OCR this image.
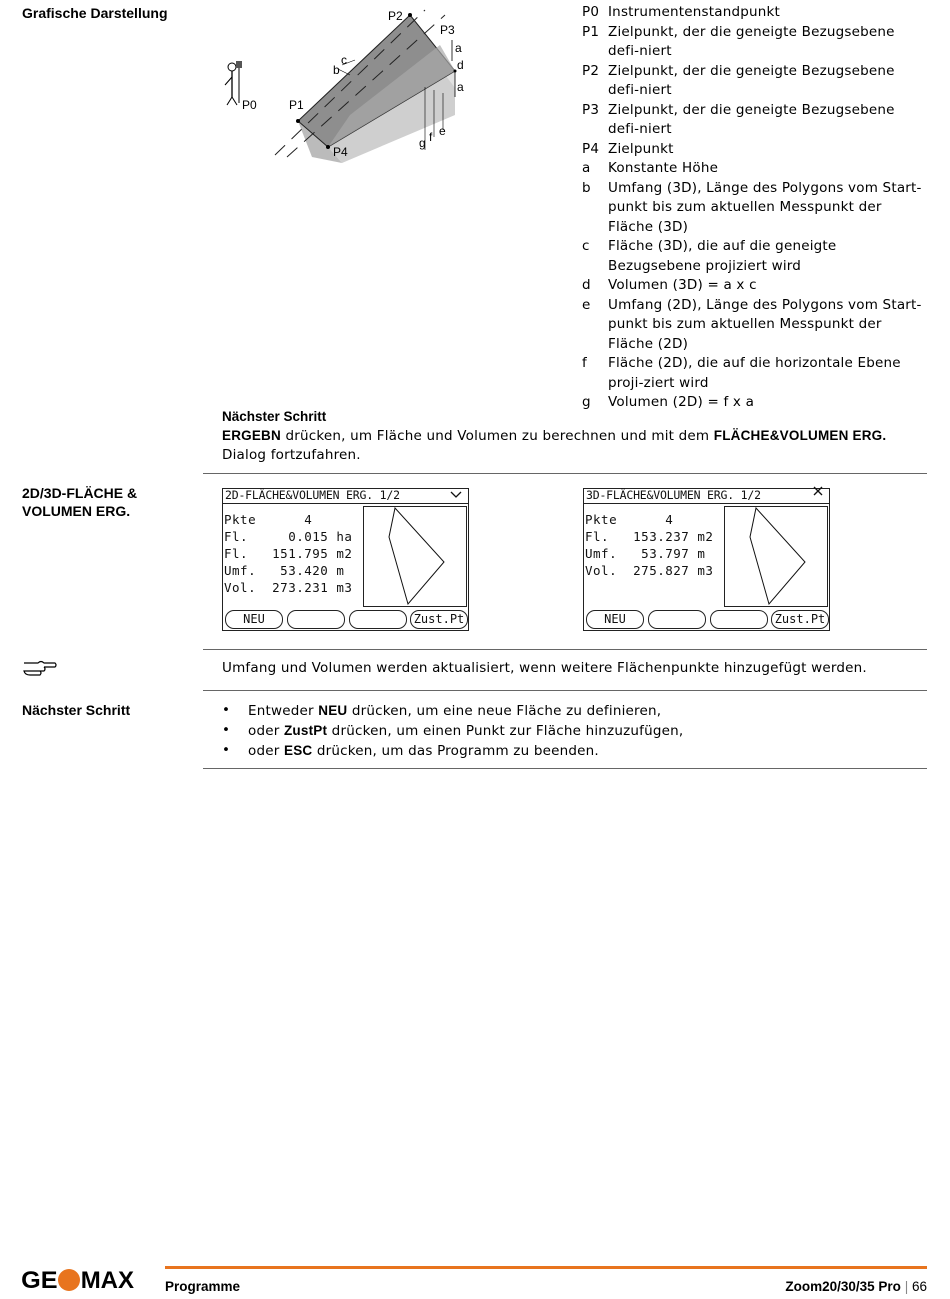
Grafische Darstellung
P0	P1
P2
P3
P4
a
d
a
b
c
e
f
g
P0 Instrumentenstandpunkt
P1 Zielpunkt, der die geneigte Bezugsebene defi-niert
P2 Zielpunkt, der die geneigte Bezugsebene defi-niert
P3 Zielpunkt, der die geneigte Bezugsebene defi-niert
P4 Zielpunkt
a	Konstante Höhe
b	Umfang (3D), Länge des Polygons vom Start-punkt bis zum aktuellen Messpunkt der Fläche (3D)
c	Fläche (3D), die auf die geneigte Bezugsebene projiziert wird
d	Volumen (3D) = a x c
e	Umfang (2D), Länge des Polygons vom Start-punkt bis zum aktuellen Messpunkt der Fläche (2D)
f	Fläche (2D), die auf die horizontale Ebene proji-ziert wird
g	Volumen (2D) = f x a
Nächster Schritt
ERGEBN drücken, um Fläche und Volumen zu berechnen und mit dem FLÄCHE&VOLUMEN ERG. Dialog fortzufahren.
2D/3D-FLÄCHE & VOLUMEN ERG.
2D-FLÄCHE&VOLUMEN ERG. 1/2
Pkte      4
Fl.     0.015 ha
Fl.   151.795 m2
Umf.   53.420 m
Vol.  273.231 m3
NEU	Zust.Pt
3D-FLÄCHE&VOLUMEN ERG. 1/2
Pkte      4
Fl.   153.237 m2
Umf.   53.797 m
Vol.  275.827 m3
NEU	Zust.Pt
Umfang und Volumen werden aktualisiert, wenn weitere Flächenpunkte hinzugefügt werden.
Nächster Schritt	•	Entweder NEU drücken, um eine neue Fläche zu definieren,
•	oder ZustPt drücken, um einen Punkt zur Fläche hinzuzufügen,
•	oder ESC drücken, um das Programm zu beenden.
GE MAX Programme	Zoom20/30/35 Pro | 66
